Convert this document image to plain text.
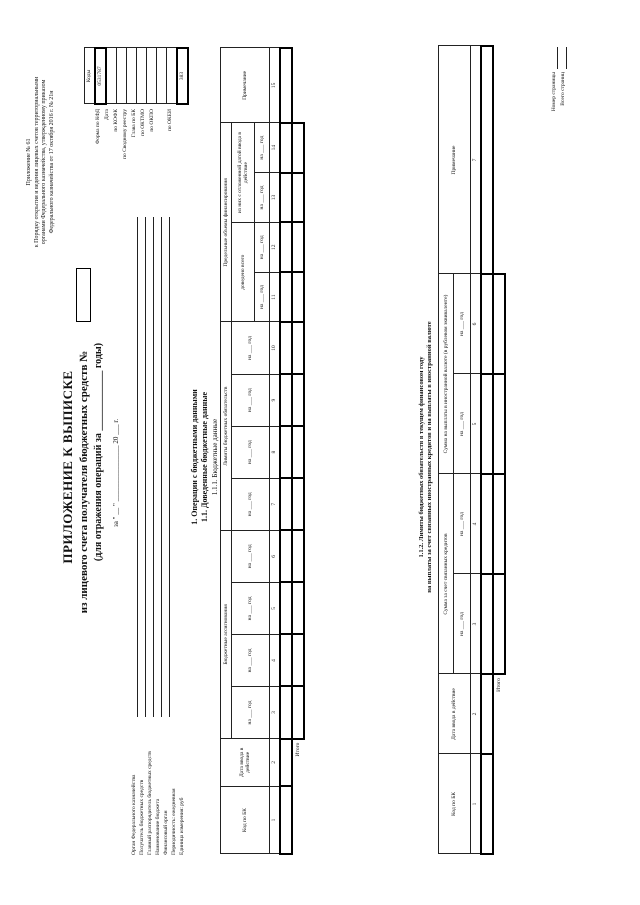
Приложение № 61 к Порядку открытия и ведения лицевых счетов территориальными органами Федерального казначейства, утвержденному приказом Федерального казначейства от 17 октября 2016 г. № 21н
ПРИЛОЖЕНИЕ К ВЫПИСКЕ из лицевого счета получателя бюджетных средств № (для отражения операций за ____________ годы) за " __ " ________________ 20 ___ г.
Коды
0531787

383
Форма по КФД Дата по КОФК по Сводному реестру Глава по БК по ОКТМО по ОКПО по ОКЕИ
Орган Федерального казначейства Получатель бюджетных средств Главный распорядитель бюджетных средств Наименование бюджета Финансовый орган Периодичность: ежедневная Единица измерения: руб
1. Операции с бюджетными данными 1.1. Доведенные бюджетные данные 1.1.1. Бюджетные данные
Код по БК	Дата ввода в действие	Бюджетные ассигнования				Лимиты бюджетных обязательств				Предельные объемы финансирования				Примечание
		на ___ год	на ___ год	на ___ год	на ___ год	на ___ год	на ___ год	на ___ год	на ___ год	доведено всего		из них с отложенной датой ввода в действие		
										на ___ год	на ___ год	на ___ год	на ___ год	
1	2	3	4	5	6	7	8	9	10	11	12	13	14	15

Итого														
1.1.2. Лимиты бюджетных обязательств в текущем финансовом году на выплаты за счет связанных иностранных кредитов и на выплаты в иностранной валюте
Код по БК	Дата ввода в действие	Сумма за счет связанных кредитов		Сумма на выплаты в иностранной валюте (в рублевом эквиваленте)		Примечание
		на ___ год	на ___ год	на ___ год	на ___ год	
1	2	3	4	5	6	7

Итого						
Номер страницы Всего страниц
